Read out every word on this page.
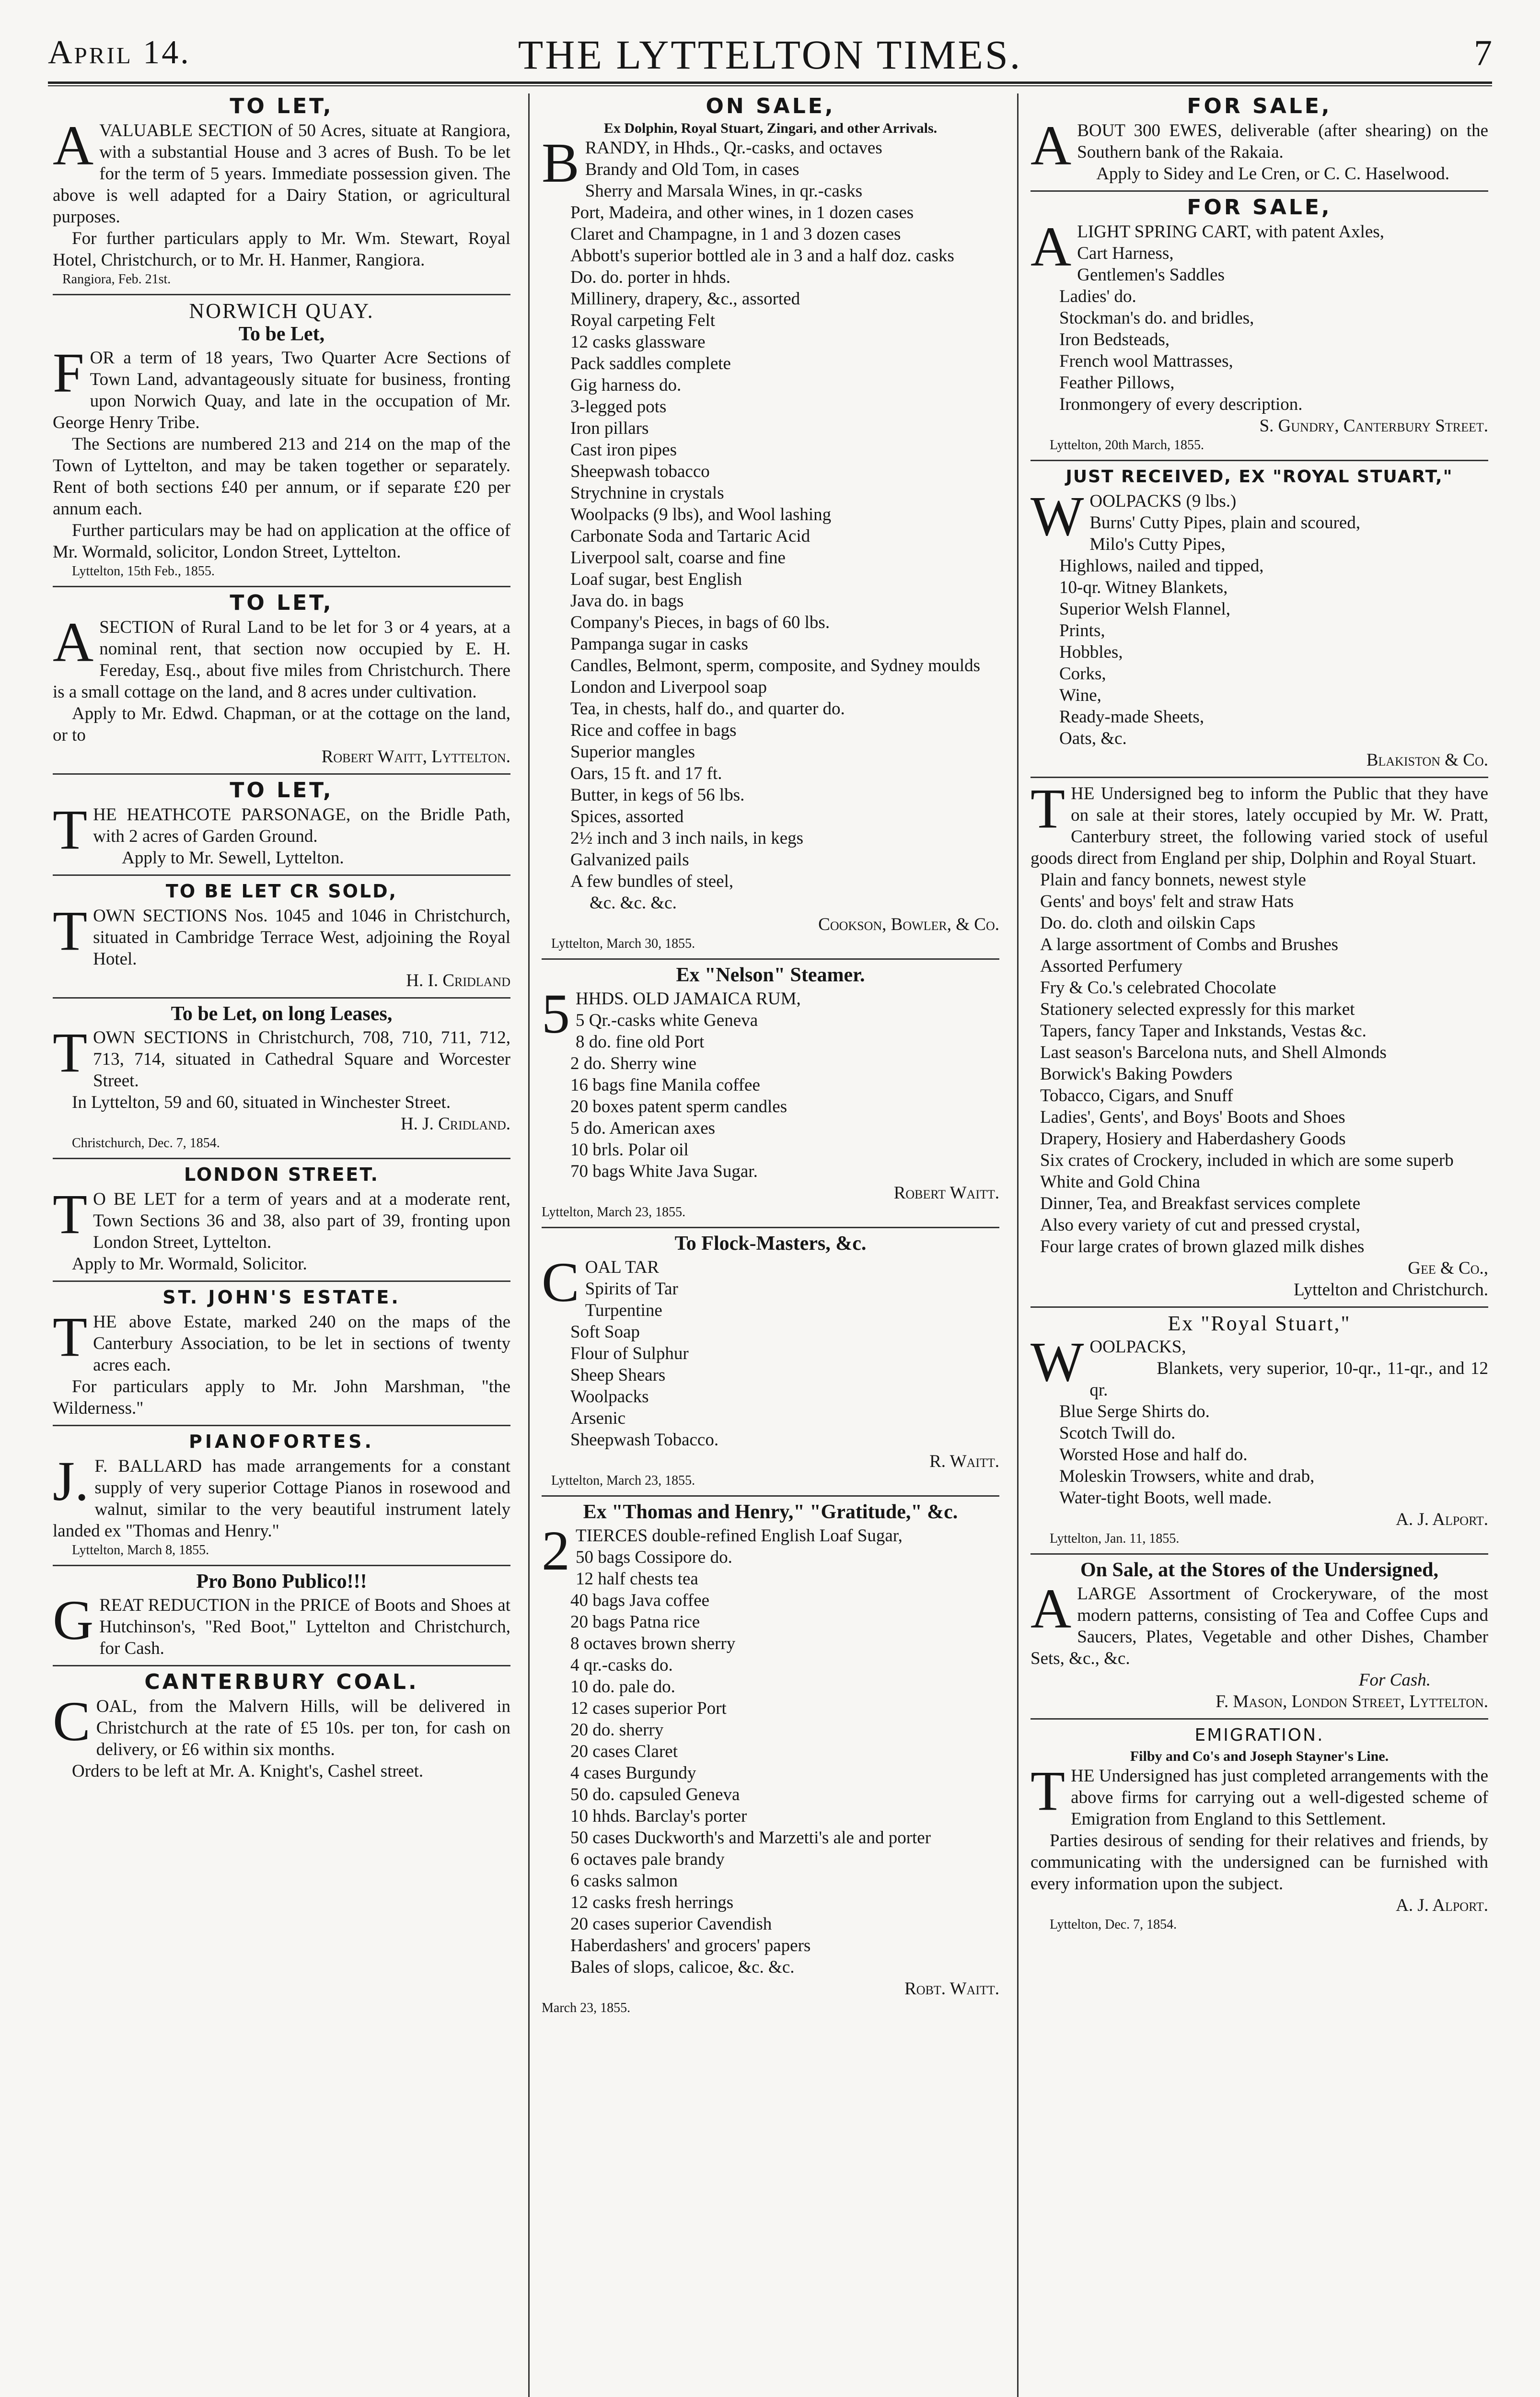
April 14.	THE LYTTELTON TIMES.	7
TO LET,

AVALUABLE SECTION of 50 Acres, situate at Rangiora, with a substantial House and 3 acres of Bush. To be let for the term of 5 years. Immediate possession given. The above is well adapted for a Dairy Station, or agricultural purposes.

For further particulars apply to Mr. Wm. Stewart, Royal Hotel, Christchurch, or to Mr. H. Hanmer, Rangiora.

Rangiora, Feb. 21st.

NORWICH QUAY.
To be Let,

FOR a term of 18 years, Two Quarter Acre Sections of Town Land, advantageously situate for business, fronting upon Norwich Quay, and late in the occupation of Mr. George Henry Tribe.

The Sections are numbered 213 and 214 on the map of the Town of Lyttelton, and may be taken together or separately. Rent of both sections £40 per annum, or if separate £20 per annum each.

Further particulars may be had on application at the office of Mr. Wormald, solicitor, London Street, Lyttelton.

Lyttelton, 15th Feb., 1855.

TO LET,

ASECTION of Rural Land to be let for 3 or 4 years, at a nominal rent, that section now occupied by E. H. Fereday, Esq., about five miles from Christchurch. There is a small cottage on the land, and 8 acres under cultivation.

Apply to Mr. Edwd. Chapman, or at the cottage on the land, or to

Robert Waitt, Lyttelton.

TO LET,

THE HEATHCOTE PARSONAGE, on the Bridle Path, with 2 acres of Garden Ground.

Apply to Mr. Sewell, Lyttelton.

TO BE LET CR SOLD,

TOWN SECTIONS Nos. 1045 and 1046 in Christchurch, situated in Cambridge Terrace West, adjoining the Royal Hotel.

H. I. Cridland

To be Let, on long Leases,

TOWN SECTIONS in Christchurch, 708, 710, 711, 712, 713, 714, situated in Cathedral Square and Worcester Street.

In Lyttelton, 59 and 60, situated in Winchester Street.

H. J. Cridland.

Christchurch, Dec. 7, 1854.

LONDON STREET.

TO BE LET for a term of years and at a moderate rent, Town Sections 36 and 38, also part of 39, fronting upon London Street, Lyttelton.

Apply to Mr. Wormald, Solicitor.

ST. JOHN'S ESTATE.

THE above Estate, marked 240 on the maps of the Canterbury Association, to be let in sections of twenty acres each.

For particulars apply to Mr. John Marshman, "the Wilderness."

PIANOFORTES.

J.F. BALLARD has made arrangements for a constant supply of very superior Cottage Pianos in rosewood and walnut, similar to the very beautiful instrument lately landed ex "Thomas and Henry."

Lyttelton, March 8, 1855.

Pro Bono Publico!!!

GREAT REDUCTION in the PRICE of Boots and Shoes at Hutchinson's, "Red Boot," Lyttelton and Christchurch, for Cash.

CANTERBURY COAL.

COAL, from the Malvern Hills, will be delivered in Christchurch at the rate of £5 10s. per ton, for cash on delivery, or £6 within six months.

Orders to be left at Mr. A. Knight's, Cashel street.

ON SALE,
Ex Dolphin, Royal Stuart, Zingari, and other Arrivals.

BRANDY, in Hhds., Qr.-casks, and octaves

Brandy and Old Tom, in cases
Sherry and Marsala Wines, in qr.-casks
Port, Madeira, and other wines, in 1 dozen cases
Claret and Champagne, in 1 and 3 dozen cases
Abbott's superior bottled ale in 3 and a half doz. casks
Do. do. porter in hhds.
Millinery, drapery, &c., assorted
Royal carpeting Felt
12 casks glassware
Pack saddles complete
Gig harness do.
3-legged pots
Iron pillars
Cast iron pipes
Sheepwash tobacco
Strychnine in crystals
Woolpacks (9 lbs), and Wool lashing
Carbonate Soda and Tartaric Acid
Liverpool salt, coarse and fine
Loaf sugar, best English
Java do. in bags
Company's Pieces, in bags of 60 lbs.
Pampanga sugar in casks
Candles, Belmont, sperm, composite, and Sydney moulds
London and Liverpool soap
Tea, in chests, half do., and quarter do.
Rice and coffee in bags
Superior mangles
Oars, 15 ft. and 17 ft.
Butter, in kegs of 56 lbs.
Spices, assorted
2½ inch and 3 inch nails, in kegs
Galvanized pails
A few bundles of steel,
&c. &c. &c.

Cookson, Bowler, & Co.

Lyttelton, March 30, 1855.

Ex "Nelson" Steamer.

5HHDS. OLD JAMAICA RUM,

5 Qr.-casks white Geneva
8 do. fine old Port
2 do. Sherry wine
16 bags fine Manila coffee
20 boxes patent sperm candles
5 do. American axes
10 brls. Polar oil
70 bags White Java Sugar.

Robert Waitt.

Lyttelton, March 23, 1855.

To Flock-Masters, &c.

COAL TAR

Spirits of Tar
Turpentine
Soft Soap
Flour of Sulphur
Sheep Shears
Woolpacks
Arsenic
Sheepwash Tobacco.

R. Waitt.

Lyttelton, March 23, 1855.

Ex "Thomas and Henry," "Gratitude," &c.

2TIERCES double-refined English Loaf Sugar,

50 bags Cossipore do.
12 half chests tea
40 bags Java coffee
20 bags Patna rice
8 octaves brown sherry
4 qr.-casks do.
10 do. pale do.
12 cases superior Port
20 do. sherry
20 cases Claret
4 cases Burgundy
50 do. capsuled Geneva
10 hhds. Barclay's porter
50 cases Duckworth's and Marzetti's ale and porter
6 octaves pale brandy
6 casks salmon
12 casks fresh herrings
20 cases superior Cavendish
Haberdashers' and grocers' papers
Bales of slops, calicoe, &c. &c.

Robt. Waitt.

March 23, 1855.

FOR SALE,

ABOUT 300 EWES, deliverable (after shearing) on the Southern bank of the Rakaia.

Apply to Sidey and Le Cren, or C. C. Haselwood.

FOR SALE,

ALIGHT SPRING CART, with patent Axles,

Cart Harness,
Gentlemen's Saddles
Ladies' do.
Stockman's do. and bridles,
Iron Bedsteads,
French wool Mattrasses,
Feather Pillows,
Ironmongery of every description.

S. Gundry, Canterbury Street.

Lyttelton, 20th March, 1855.

JUST RECEIVED, EX "ROYAL STUART,"

WOOLPACKS (9 lbs.)

Burns' Cutty Pipes, plain and scoured,
Milo's Cutty Pipes,
Highlows, nailed and tipped,
10-qr. Witney Blankets,
Superior Welsh Flannel,
Prints,
Hobbles,
Corks,
Wine,
Ready-made Sheets,
Oats, &c.

Blakiston & Co.

THE Undersigned beg to inform the Public that they have on sale at their stores, lately occupied by Mr. W. Pratt, Canterbury street, the following varied stock of useful goods direct from England per ship, Dolphin and Royal Stuart.

Plain and fancy bonnets, newest style
Gents' and boys' felt and straw Hats
Do. do. cloth and oilskin Caps
A large assortment of Combs and Brushes
Assorted Perfumery
Fry & Co.'s celebrated Chocolate
Stationery selected expressly for this market
Tapers, fancy Taper and Inkstands, Vestas &c.
Last season's Barcelona nuts, and Shell Almonds
Borwick's Baking Powders
Tobacco, Cigars, and Snuff
Ladies', Gents', and Boys' Boots and Shoes
Drapery, Hosiery and Haberdashery Goods
Six crates of Crockery, included in which are some superb White and Gold China
Dinner, Tea, and Breakfast services complete
Also every variety of cut and pressed crystal,
Four large crates of brown glazed milk dishes

Gee & Co.,

Lyttelton and Christchurch.

Ex "Royal Stuart,"

WOOLPACKS,

Blankets, very superior, 10-qr., 11-qr., and 12 qr.

Blue Serge Shirts do.
Scotch Twill do.
Worsted Hose and half do.
Moleskin Trowsers, white and drab,
Water-tight Boots, well made.

A. J. Alport.

Lyttelton, Jan. 11, 1855.

On Sale, at the Stores of the Undersigned,

ALARGE Assortment of Crockeryware, of the most modern patterns, consisting of Tea and Coffee Cups and Saucers, Plates, Vegetable and other Dishes, Chamber Sets, &c., &c.

For Cash.

F. Mason, London Street, Lyttelton.

EMIGRATION.
Filby and Co's and Joseph Stayner's Line.

THE Undersigned has just completed arrangements with the above firms for carrying out a well-digested scheme of Emigration from England to this Settlement.

Parties desirous of sending for their relatives and friends, by communicating with the undersigned can be furnished with every information upon the subject.

A. J. Alport.

Lyttelton, Dec. 7, 1854.
